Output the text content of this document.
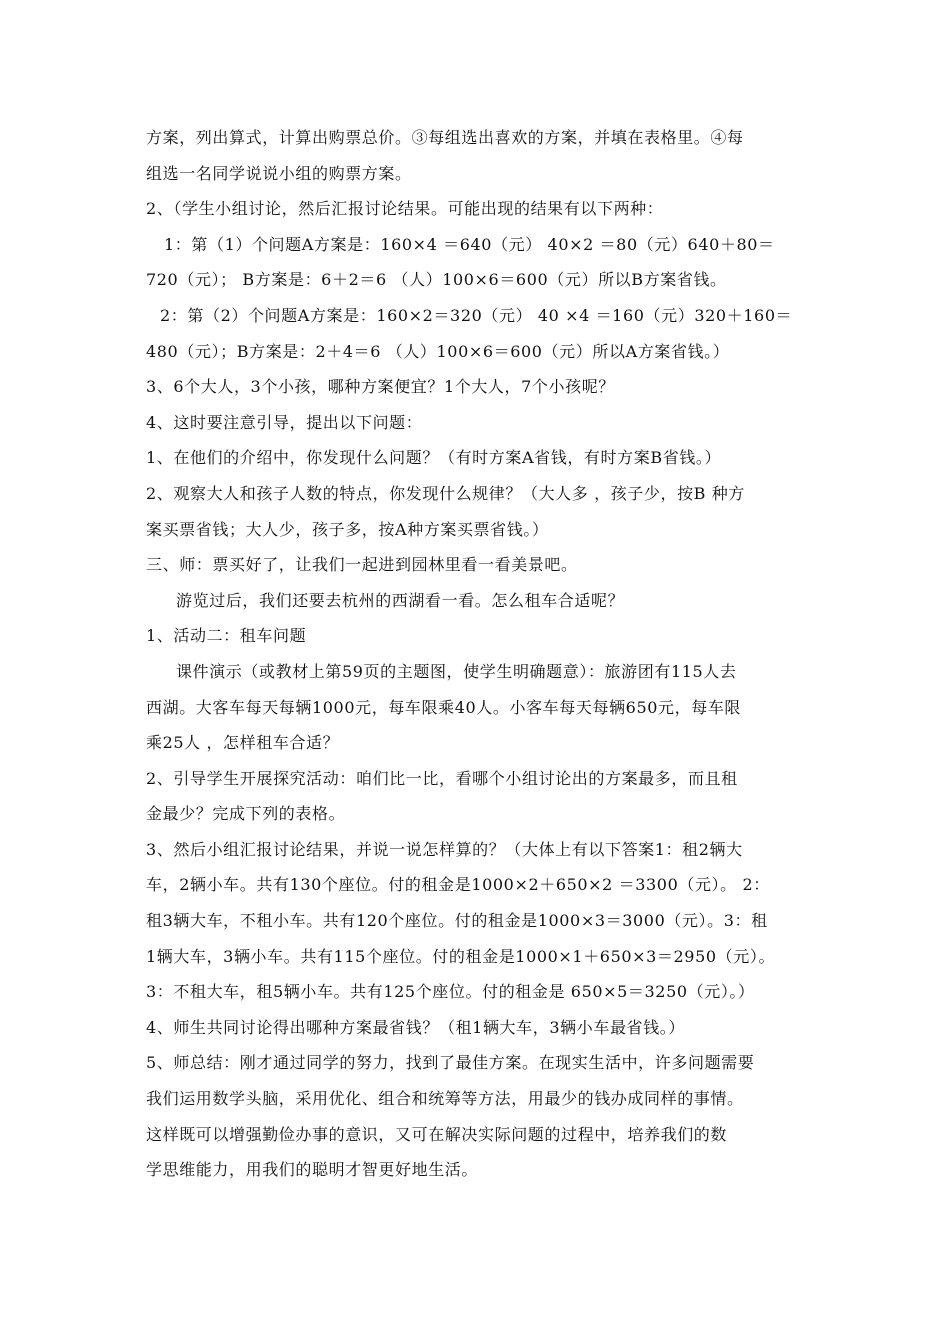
方案，列出算式，计算出购票总价。③每组选出喜欢的方案，并填在表格里。④每
组选一名同学说说小组的购票方案。
2、（学生小组讨论，然后汇报讨论结果。可能出现的结果有以下两种：
1：第（1）个问题A方案是：160×4 ＝640（元） 40×2 ＝80（元）640＋80＝
720（元）； B方案是：6＋2＝6 （人）100×6＝600（元）所以B方案省钱。
2：第（2）个问题A方案是：160×2＝320（元） 40 ×4 ＝160（元）320＋160＝
480（元）；B方案是：2＋4＝6 （人）100×6＝600（元）所以A方案省钱。）
3、6个大人，3个小孩，哪种方案便宜？1个大人，7个小孩呢？
4、这时要注意引导，提出以下问题：
1、在他们的介绍中，你发现什么问题？（有时方案A省钱，有时方案B省钱。）
2、观察大人和孩子人数的特点，你发现什么规律？（大人多 ，孩子少，按B 种方
案买票省钱；大人少，孩子多，按A种方案买票省钱。）
三、师：票买好了，让我们一起进到园林里看一看美景吧。
游览过后，我们还要去杭州的西湖看一看。怎么租车合适呢？
1、活动二：租车问题
课件演示（或教材上第59页的主题图，使学生明确题意）：旅游团有115人去
西湖。大客车每天每辆1000元，每车限乘40人。小客车每天每辆650元，每车限
乘25人 ，怎样租车合适？
2、引导学生开展探究活动：咱们比一比，看哪个小组讨论出的方案最多，而且租
金最少？完成下列的表格。
3、然后小组汇报讨论结果，并说一说怎样算的？（大体上有以下答案1：租2辆大
车，2辆小车。共有130个座位。付的租金是1000×2＋650×2 ＝3300（元）。 2：
租3辆大车，不租小车。共有120个座位。付的租金是1000×3＝3000（元）。3：租
1辆大车，3辆小车。共有115个座位。付的租金是1000×1＋650×3＝2950（元）。
3：不租大车，租5辆小车。共有125个座位。付的租金是 650×5＝3250（元）。）
4、师生共同讨论得出哪种方案最省钱？（租1辆大车，3辆小车最省钱。）
5、师总结：刚才通过同学的努力，找到了最佳方案。在现实生活中，许多问题需要
我们运用数学头脑，采用优化、组合和统筹等方法，用最少的钱办成同样的事情。
这样既可以增强勤俭办事的意识，又可在解决实际问题的过程中，培养我们的数
学思维能力，用我们的聪明才智更好地生活。
